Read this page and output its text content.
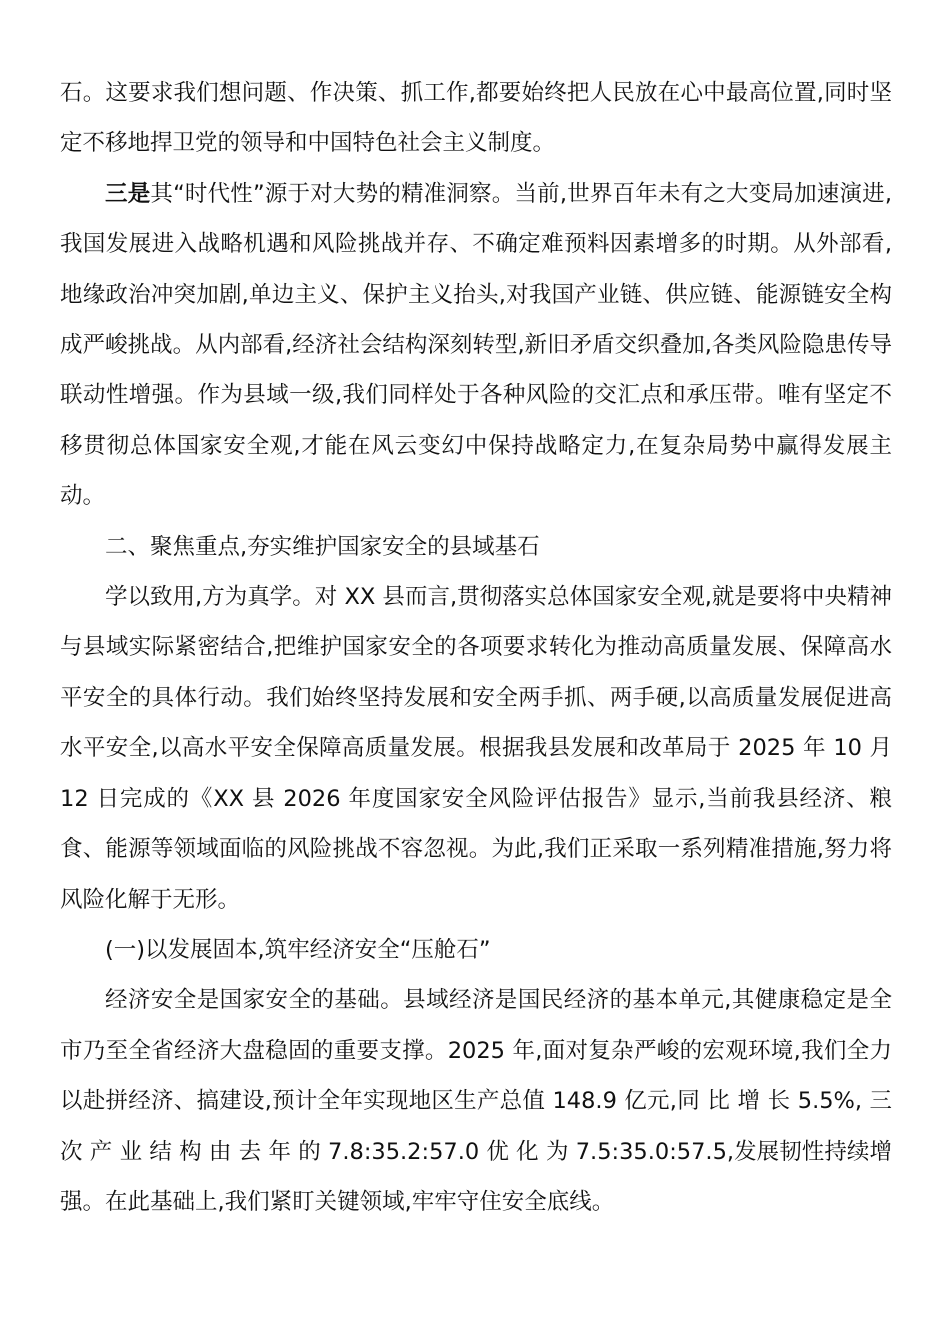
石。这要求我们想问题、作决策、抓工作,都要始终把人民放在心中最高位置,同时坚定不移地捍卫党的领导和中国特色社会主义制度。

三是其“时代性”源于对大势的精准洞察。当前,世界百年未有之大变局加速演进,我国发展进入战略机遇和风险挑战并存、不确定难预料因素增多的时期。从外部看,地缘政治冲突加剧,单边主义、保护主义抬头,对我国产业链、供应链、能源链安全构成严峻挑战。从内部看,经济社会结构深刻转型,新旧矛盾交织叠加,各类风险隐患传导联动性增强。作为县域一级,我们同样处于各种风险的交汇点和承压带。唯有坚定不移贯彻总体国家安全观,才能在风云变幻中保持战略定力,在复杂局势中赢得发展主动。

二、聚焦重点,夯实维护国家安全的县域基石

学以致用,方为真学。对 XX 县而言,贯彻落实总体国家安全观,就是要将中央精神与县域实际紧密结合,把维护国家安全的各项要求转化为推动高质量发展、保障高水平安全的具体行动。我们始终坚持发展和安全两手抓、两手硬,以高质量发展促进高水平安全,以高水平安全保障高质量发展。根据我县发展和改革局于 2025 年 10 月 12 日完成的《XX 县 2026 年度国家安全风险评估报告》显示,当前我县经济、粮食、能源等领域面临的风险挑战不容忽视。为此,我们正采取一系列精准措施,努力将风险化解于无形。

(一)以发展固本,筑牢经济安全“压舱石”

经济安全是国家安全的基础。县域经济是国民经济的基本单元,其健康稳定是全市乃至全省经济大盘稳固的重要支撑。2025 年,面对复杂严峻的宏观环境,我们全力以赴拼经济、搞建设,预计全年实现地区生产总值 148.9 亿元,同 比 增 长 5.5%, 三 次 产 业 结 构 由 去 年 的 7.8:35.2:57.0 优 化 为 7.5:35.0:57.5,发展韧性持续增强。在此基础上,我们紧盯关键领域,牢牢守住安全底线。
